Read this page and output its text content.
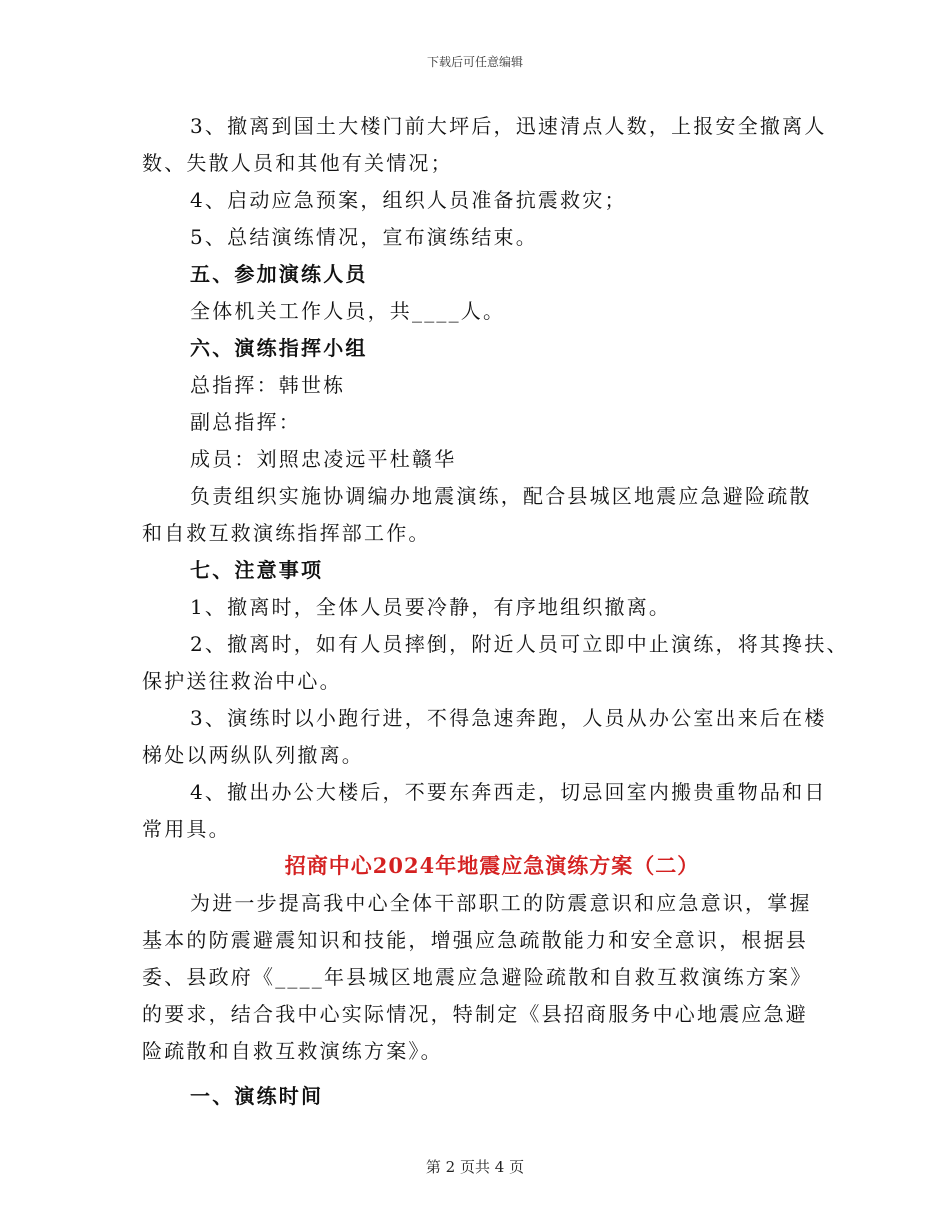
下载后可任意编辑
3、撤离到国土大楼门前大坪后，迅速清点人数，上报安全撤离人
数、失散人员和其他有关情况；
4、启动应急预案，组织人员准备抗震救灾；
5、总结演练情况，宣布演练结束。
五、参加演练人员
全体机关工作人员，共____人。
六、演练指挥小组
总指挥：韩世栋
副总指挥：
成员：刘照忠凌远平杜赣华
负责组织实施协调编办地震演练，配合县城区地震应急避险疏散
和自救互救演练指挥部工作。
七、注意事项
1、撤离时，全体人员要冷静，有序地组织撤离。
2、撤离时，如有人员摔倒，附近人员可立即中止演练，将其搀扶、
保护送往救治中心。
3、演练时以小跑行进，不得急速奔跑，人员从办公室出来后在楼
梯处以两纵队列撤离。
4、撤出办公大楼后，不要东奔西走，切忌回室内搬贵重物品和日
常用具。
招商中心2024年地震应急演练方案（二）
为进一步提高我中心全体干部职工的防震意识和应急意识，掌握
基本的防震避震知识和技能，增强应急疏散能力和安全意识，根据县
委、县政府《____年县城区地震应急避险疏散和自救互救演练方案》
的要求，结合我中心实际情况，特制定《县招商服务中心地震应急避
险疏散和自救互救演练方案》。
一、演练时间
第 2 页共 4 页
